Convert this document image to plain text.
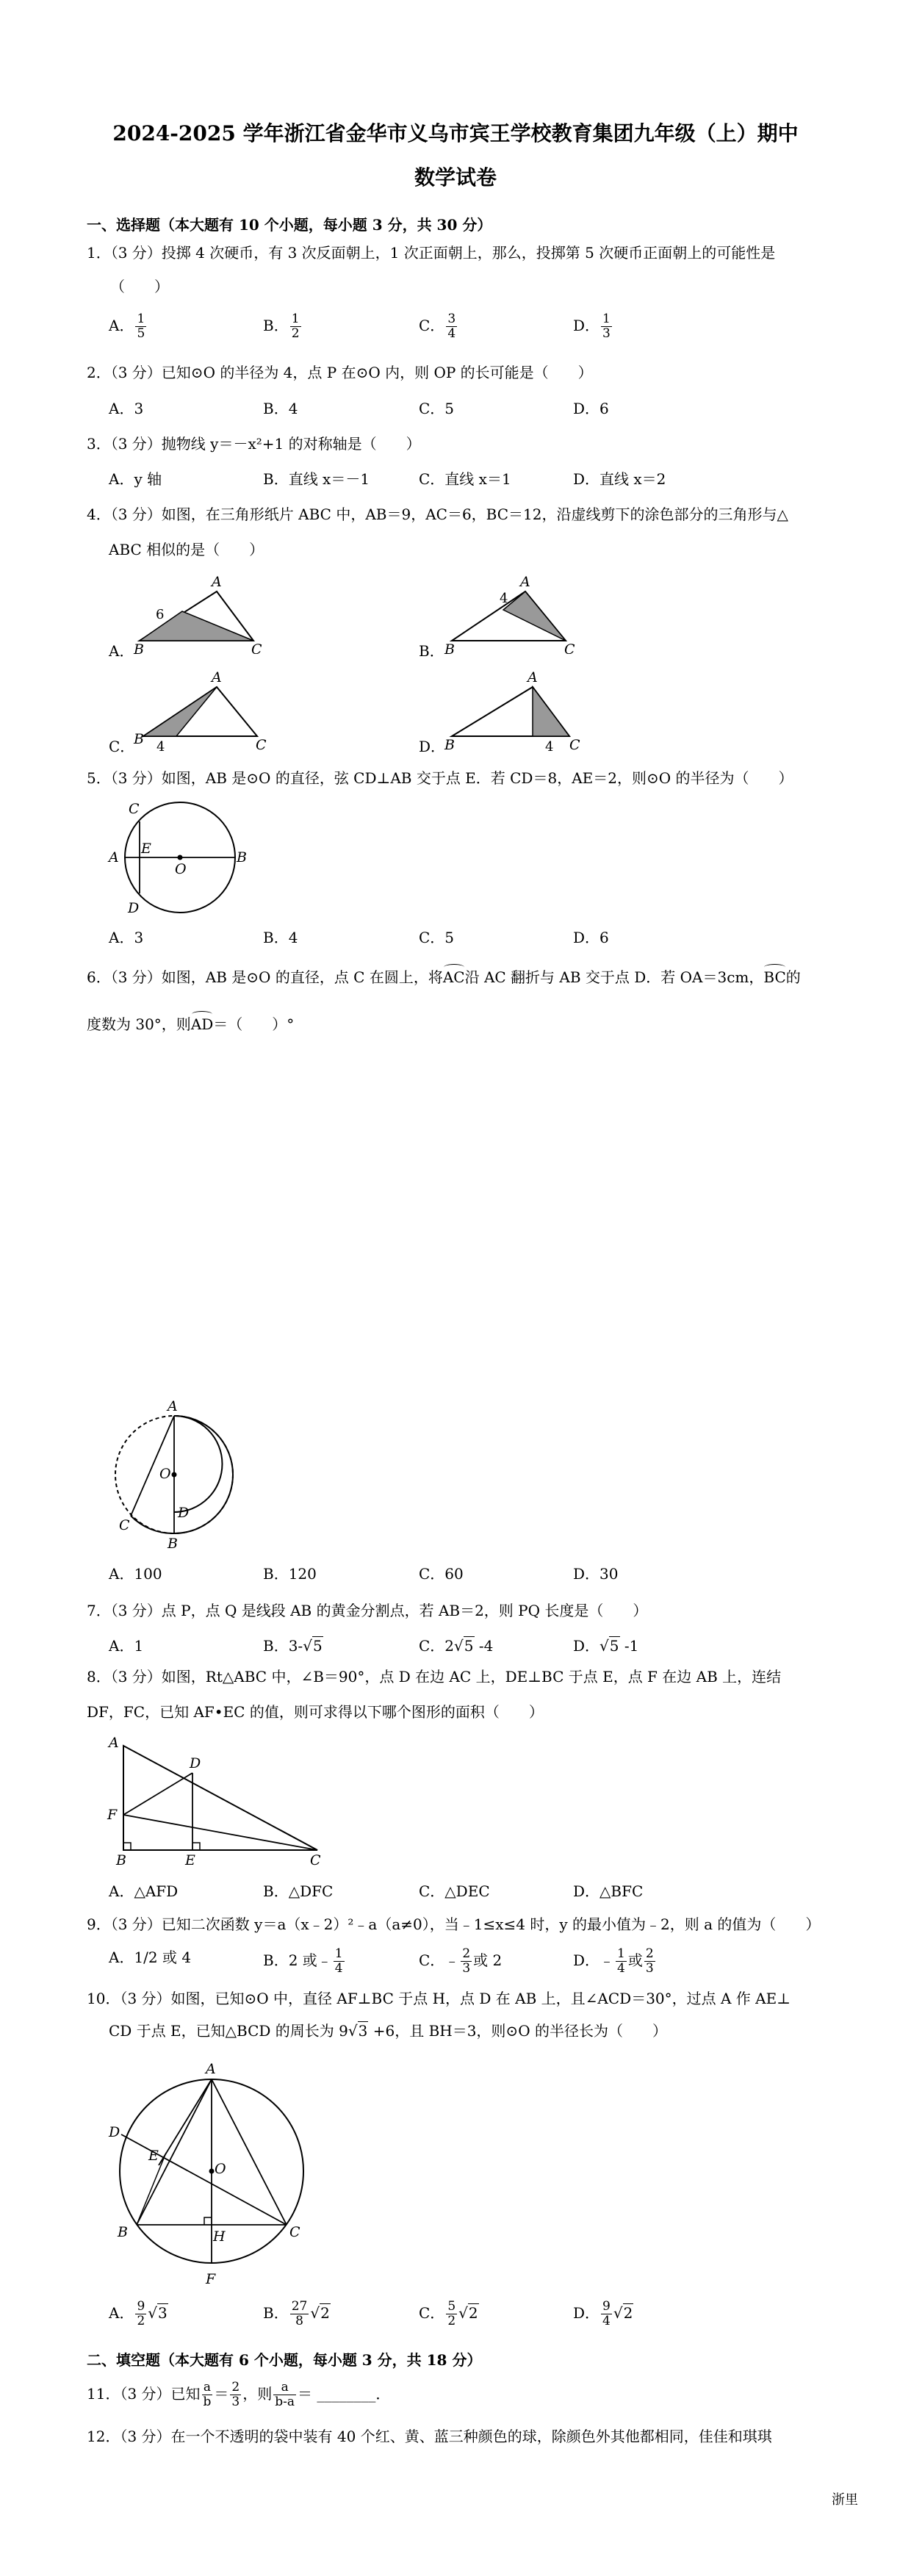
2024-2025 学年浙江省金华市义乌市宾王学校教育集团九年级（上）期中
数学试卷
一、选择题（本大题有 10 个小题，每小题 3 分，共 30 分）
1．（3 分）投掷 4 次硬币，有 3 次反面朝上，1 次正面朝上，那么，投掷第 5 次硬币正面朝上的可能性是
（　　）
A． $\frac{1}{5}$	B． $\frac{1}{2}$	C． $\frac{3}{4}$	D． $\frac{1}{3}$
2．（3 分）已知⊙O 的半径为 4，点 P 在⊙O 内，则 OP 的长可能是（　　）
A．3	B．4	C．5	D．6
3．（3 分）抛物线 y＝－x²+1 的对称轴是（　　）
A．y 轴	B．直线 x＝－1	C．直线 x＝1	D．直线 x＝2
4．（3 分）如图，在三角形纸片 ABC 中，AB＝9，AC＝6，BC＝12，沿虚线剪下的涂色部分的三角形与△
ABC 相似的是（　　）
A．
A
B	C
6
B．
A
B	C
4
C．
A
B	C
4	D．
A
B	C
4
5．（3 分）如图，AB 是⊙O 的直径，弦 CD⊥AB 交于点 E．若 CD＝8，AE＝2，则⊙O 的半径为（　　）
C
A
E
O
B
D
A．3	B．4	C．5	D．6
6．（3 分）如图，AB 是⊙O 的直径，点 C 在圆上，将AC沿 AC 翻折与 AB 交于点 D．若 OA＝3cm，BC的
度数为 30°，则AD＝（　　）°
A
O
D
C
B
A．100	B．120	C．60	D．30
7．（3 分）点 P，点 Q 是线段 AB 的黄金分割点，若 AB＝2，则 PQ 长度是（　　）
A．1	B．3-√5	C．2√5 -4	D．√5 -1
8．（3 分）如图，Rt△ABC 中，∠B＝90°，点 D 在边 AC 上，DE⊥BC 于点 E，点 F 在边 AB 上，连结
DF，FC，已知 AF•EC 的值，则可求得以下哪个图形的面积（　　）
A
D
F
B	E	C
A．△AFD	B．△DFC	C．△DEC	D．△BFC
9．（3 分）已知二次函数 y＝a（x﹣2）²﹣a（a≠0），当﹣1≤x≤4 时，y 的最小值为﹣2，则 a 的值为（　　）
A．1/2 或 4	B．2 或﹣ $\frac{1}{4}$	C．﹣ $\frac{2}{3}$ 或 2	D．﹣ $\frac{1}{4}$ 或 $\frac{2}{3}$
10．（3 分）如图，已知⊙O 中，直径 AF⊥BC 于点 H，点 D 在 AB 上，且∠ACD＝30°，过点 A 作 AE⊥
CD 于点 E，已知△BCD 的周长为 9√3 +6，且 BH＝3，则⊙O 的半径长为（　　）
A
D
E
O
B	H	C
F
A． $\frac{9}{2} √3$	B． $\frac{27}{8} √2$	C． $\frac{5}{2} √2$	D． $\frac{9}{4} √2$
二、填空题（本大题有 6 个小题，每小题 3 分，共 18 分）
11．（3 分）已知 $\frac{a}{b} = \frac{2}{3}$ ，则 $\frac{a}{b-a}$ ＝ ________．
12．（3 分）在一个不透明的袋中装有 40 个红、黄、蓝三种颜色的球，除颜色外其他都相同，佳佳和琪琪
浙里
